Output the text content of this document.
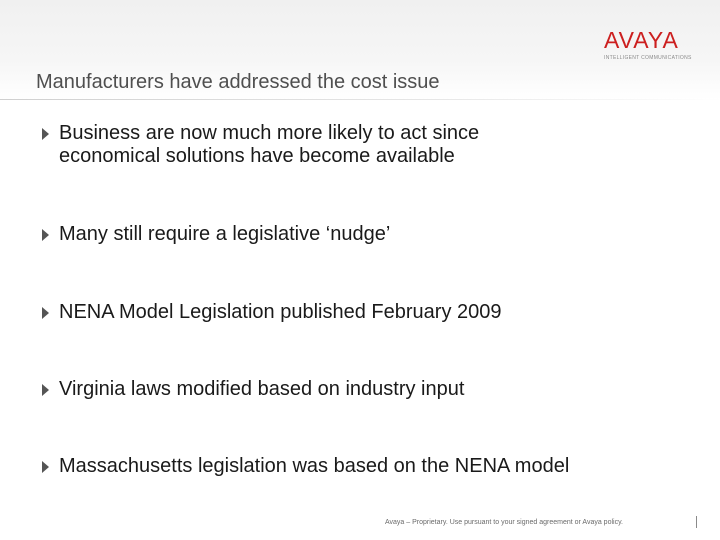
AVAYA
INTELLIGENT COMMUNICATIONS
Manufacturers have addressed the cost issue
Business are now much more likely to act since
economical solutions have become available
Many still require a legislative ‘nudge’
NENA Model Legislation published February 2009
Virginia laws modified based on industry input
Massachusetts legislation was based on the NENA model
Avaya – Proprietary. Use pursuant to your signed agreement or Avaya policy.
